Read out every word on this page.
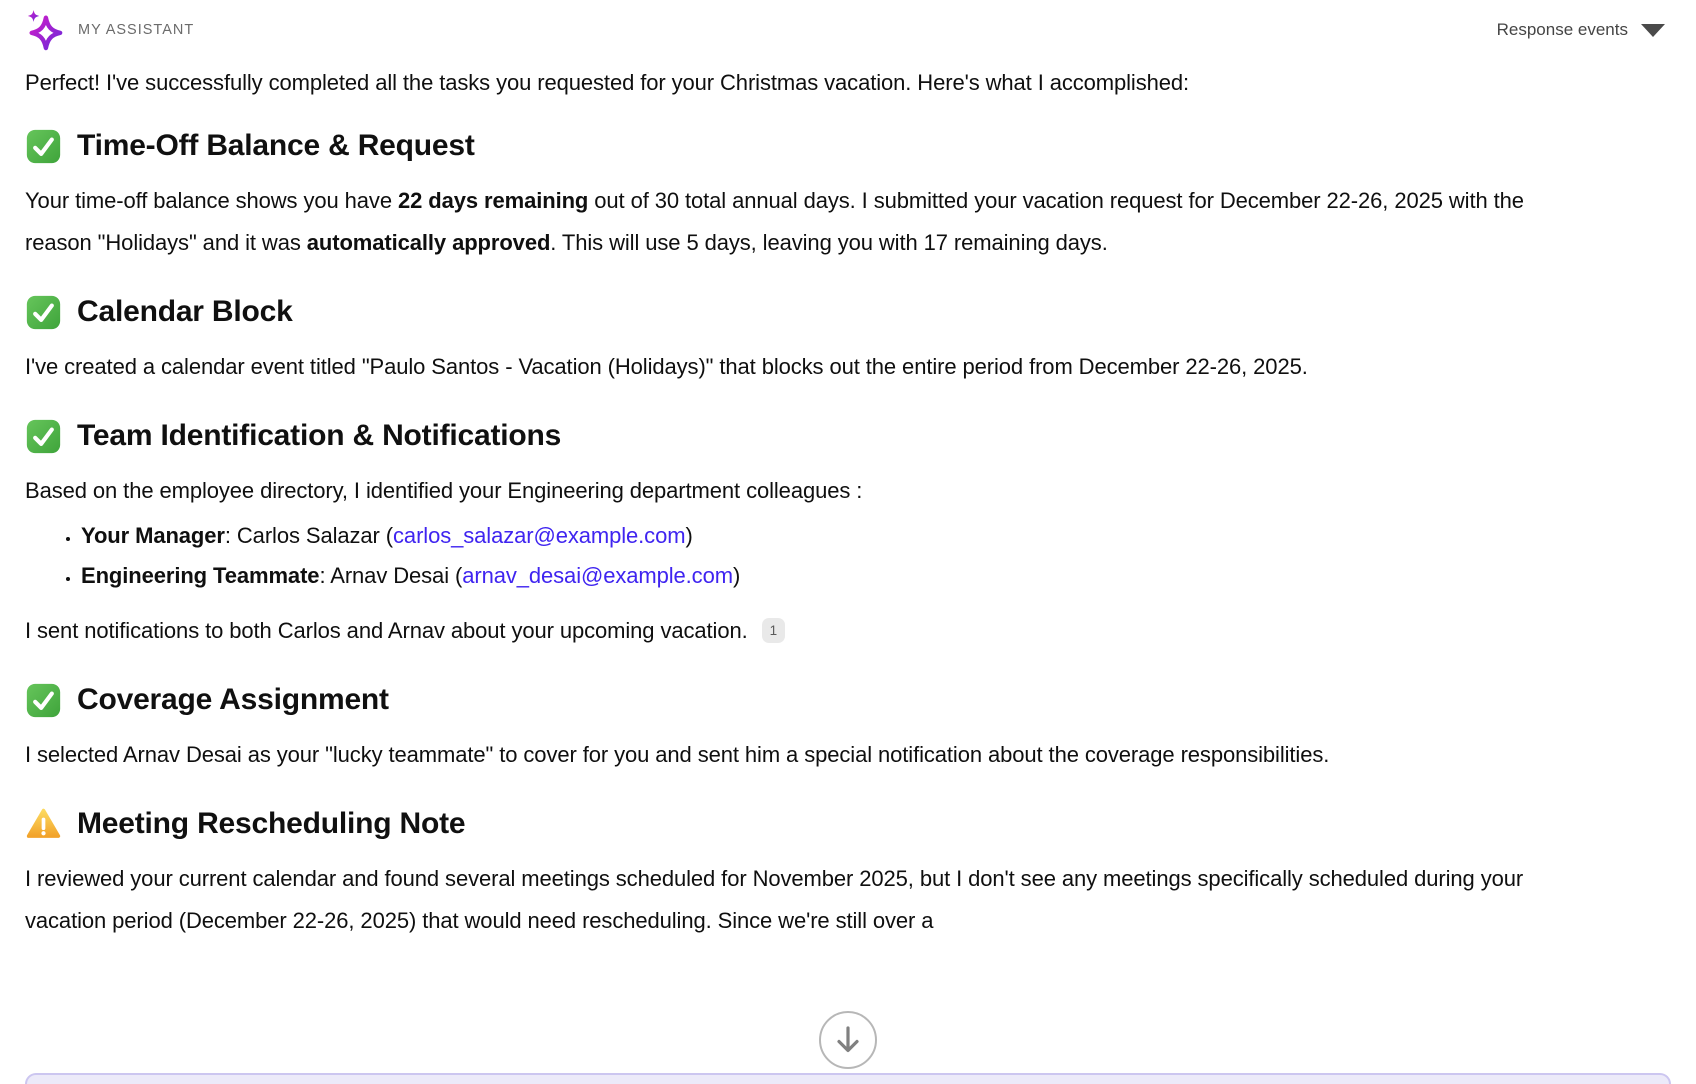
MY ASSISTANT	Response events

Perfect! I've successfully completed all the tasks you requested for your Christmas vacation. Here's what I accomplished:

Time-Off Balance & Request

Your time-off balance shows you have 22 days remaining out of 30 total annual days. I submitted your vacation request for December 22-26, 2025 with the reason "Holidays" and it was automatically approved. This will use 5 days, leaving you with 17 remaining days.

Calendar Block

I've created a calendar event titled "Paulo Santos - Vacation (Holidays)" that blocks out the entire period from December 22-26, 2025.

Team Identification & Notifications

Based on the employee directory, I identified your Engineering department colleagues :

• Your Manager: Carlos Salazar (carlos_salazar@example.com)
• Engineering Teammate: Arnav Desai (arnav_desai@example.com)

I sent notifications to both Carlos and Arnav about your upcoming vacation. 1

Coverage Assignment

I selected Arnav Desai as your "lucky teammate" to cover for you and sent him a special notification about the coverage responsibilities.

Meeting Rescheduling Note

I reviewed your current calendar and found several meetings scheduled for November 2025, but I don't see any meetings specifically scheduled during your vacation period (December 22-26, 2025) that would need rescheduling. Since we're still over a
